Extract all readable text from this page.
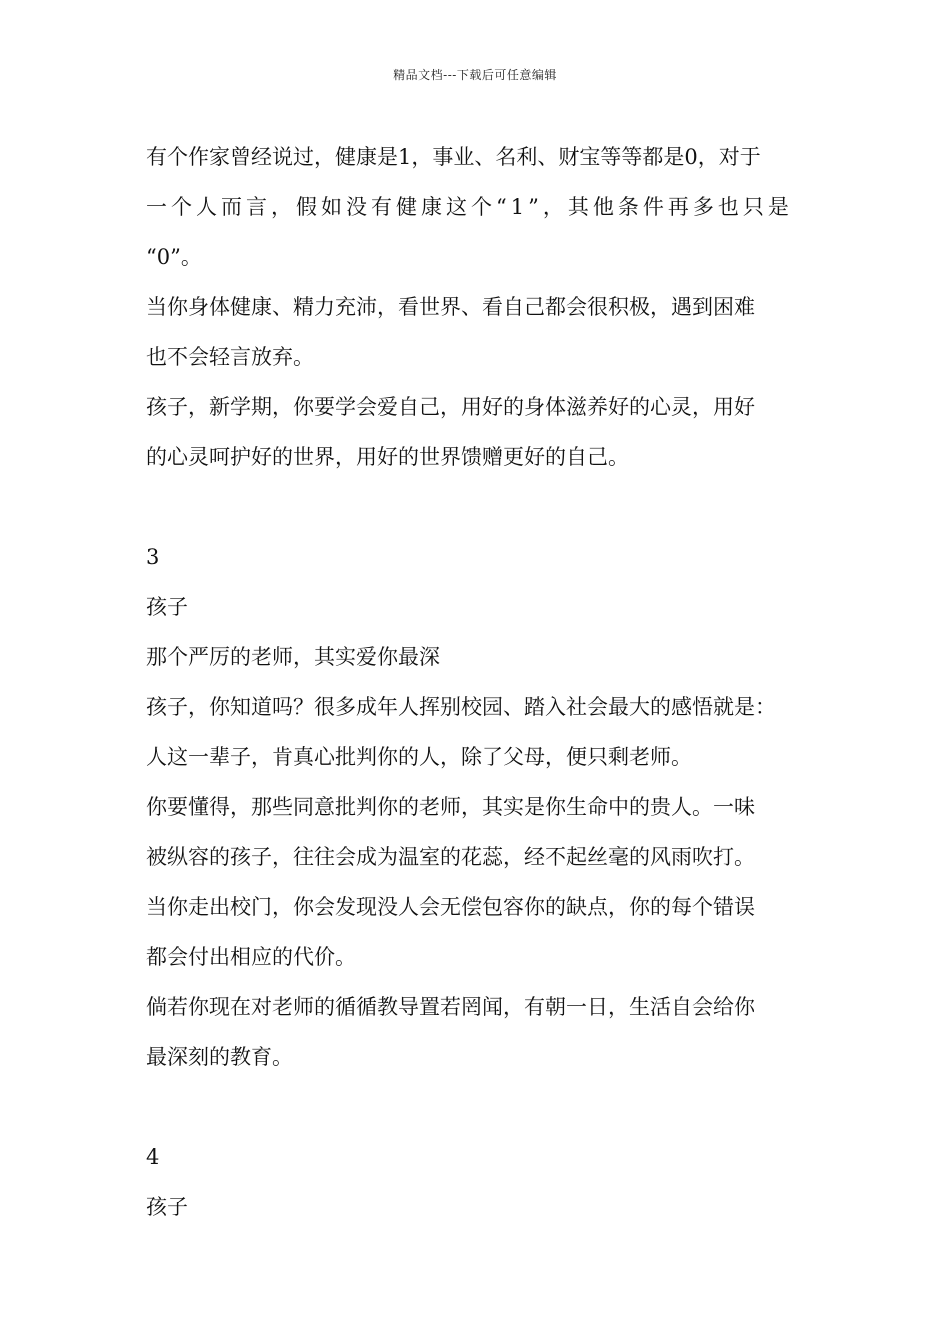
精品文档---下载后可任意编辑
有个作家曾经说过，健康是1，事业、名利、财宝等等都是0，对于
一个人而言，假如没有健康这个“1”，其他条件再多也只是
“0”。
当你身体健康、精力充沛，看世界、看自己都会很积极，遇到困难
也不会轻言放弃。
孩子，新学期，你要学会爱自己，用好的身体滋养好的心灵，用好
的心灵呵护好的世界，用好的世界馈赠更好的自己。
3
孩子
那个严厉的老师，其实爱你最深
孩子，你知道吗？很多成年人挥别校园、踏入社会最大的感悟就是：
人这一辈子，肯真心批判你的人，除了父母，便只剩老师。
你要懂得，那些同意批判你的老师，其实是你生命中的贵人。一味
被纵容的孩子，往往会成为温室的花蕊，经不起丝毫的风雨吹打。
当你走出校门，你会发现没人会无偿包容你的缺点，你的每个错误
都会付出相应的代价。
倘若你现在对老师的循循教导置若罔闻，有朝一日，生活自会给你
最深刻的教育。
4
孩子
